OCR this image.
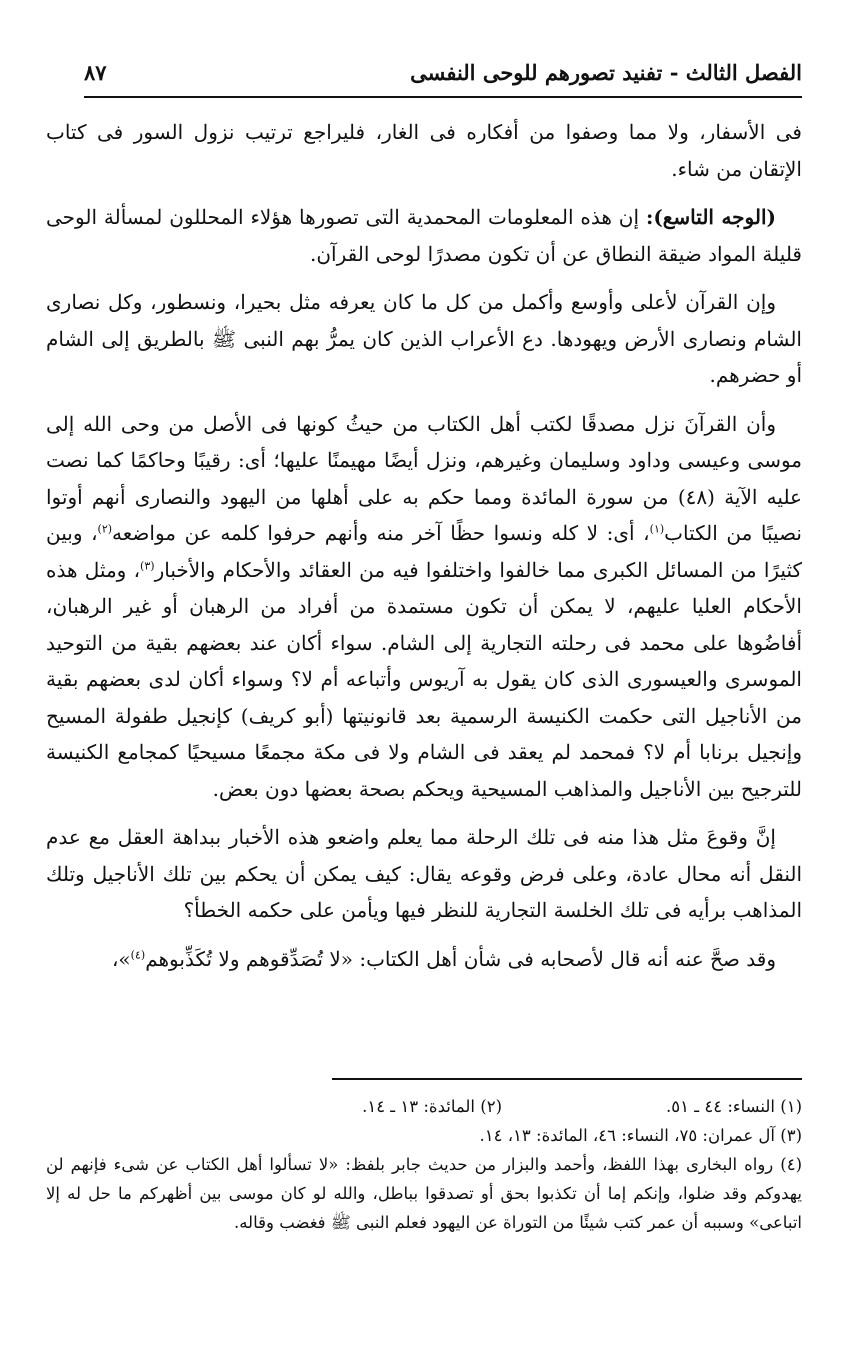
الفصل الثالث - تفنيد تصورهم للوحى النفسى
٨٧

فى الأسفار، ولا مما وصفوا من أفكاره فى الغار، فليراجع ترتيب نزول السور فى كتاب الإتقان من شاء.

(الوجه التاسع): إن هذه المعلومات المحمدية التى تصورها هؤلاء المحللون لمسألة الوحى قليلة المواد ضيقة النطاق عن أن تكون مصدرًا لوحى القرآن.

وإن القرآن لأعلى وأوسع وأكمل من كل ما كان يعرفه مثل بحيرا، ونسطور، وكل نصارى الشام ونصارى الأرض ويهودها. دع الأعراب الذين كان يمرُّ بهم النبى ﷺ بالطريق إلى الشام أو حضرهم.

وأن القرآنَ نزل مصدقًا لكتب أهل الكتاب من حيثُ كونها فى الأصل من وحى الله إلى موسى وعيسى وداود وسليمان وغيرهم، ونزل أيضًا مهيمنًا عليها؛ أى: رقيبًا وحاكمًا كما نصت عليه الآية (٤٨) من سورة المائدة ومما حكم به على أهلها من اليهود والنصارى أنهم أوتوا نصيبًا من الكتاب$^{(١)}$، أى: لا كله ونسوا حظًا آخر منه وأنهم حرفوا كلمه عن مواضعه$^{(٢)}$، وبين كثيرًا من المسائل الكبرى مما خالفوا واختلفوا فيه من العقائد والأحكام والأخبار$^{(٣)}$، ومثل هذه الأحكام العليا عليهم، لا يمكن أن تكون مستمدة من أفراد من الرهبان أو غير الرهبان، أفاضُوها على محمد فى رحلته التجارية إلى الشام. سواء أكان عند بعضهم بقية من التوحيد الموسرى والعيسورى الذى كان يقول به آريوس وأتباعه أم لا؟ وسواء أكان لدى بعضهم بقية من الأناجيل التى حكمت الكنيسة الرسمية بعد قانونيتها (أبو كريف) كإنجيل طفولة المسيح وإنجيل برنابا أم لا؟ فمحمد لم يعقد فى الشام ولا فى مكة مجمعًا مسيحيًا كمجامع الكنيسة للترجيح بين الأناجيل والمذاهب المسيحية ويحكم بصحة بعضها دون بعض.

إنَّ وقوعَ مثل هذا منه فى تلك الرحلة مما يعلم واضعو هذه الأخبار ببداهة العقل مع عدم النقل أنه محال عادة، وعلى فرض وقوعه يقال: كيف يمكن أن يحكم بين تلك الأناجيل وتلك المذاهب برأيه فى تلك الخلسة التجارية للنظر فيها ويأمن على حكمه الخطأ؟

وقد صحَّ عنه أنه قال لأصحابه فى شأن أهل الكتاب: «لا تُصَدِّقوهم ولا تُكَذِّبوهم$^{(٤)}$»،

(١) النساء: ٤٤ ـ ٥١.
(٢) المائدة: ١٣ ـ ١٤.
(٣) آل عمران: ٧٥، النساء: ٤٦، المائدة: ١٣، ١٤.
(٤) رواه البخارى بهذا اللفظ، وأحمد والبزار من حديث جابر بلفظ: «لا تسألوا أهل الكتاب عن شىء فإنهم لن يهدوكم وقد ضلوا، وإنكم إما أن تكذبوا بحق أو تصدقوا بباطل، والله لو كان موسى بين أظهركم ما حل له إلا اتباعى» وسببه أن عمر كتب شيئًا من التوراة عن اليهود فعلم النبى ﷺ فغضب وقاله.
